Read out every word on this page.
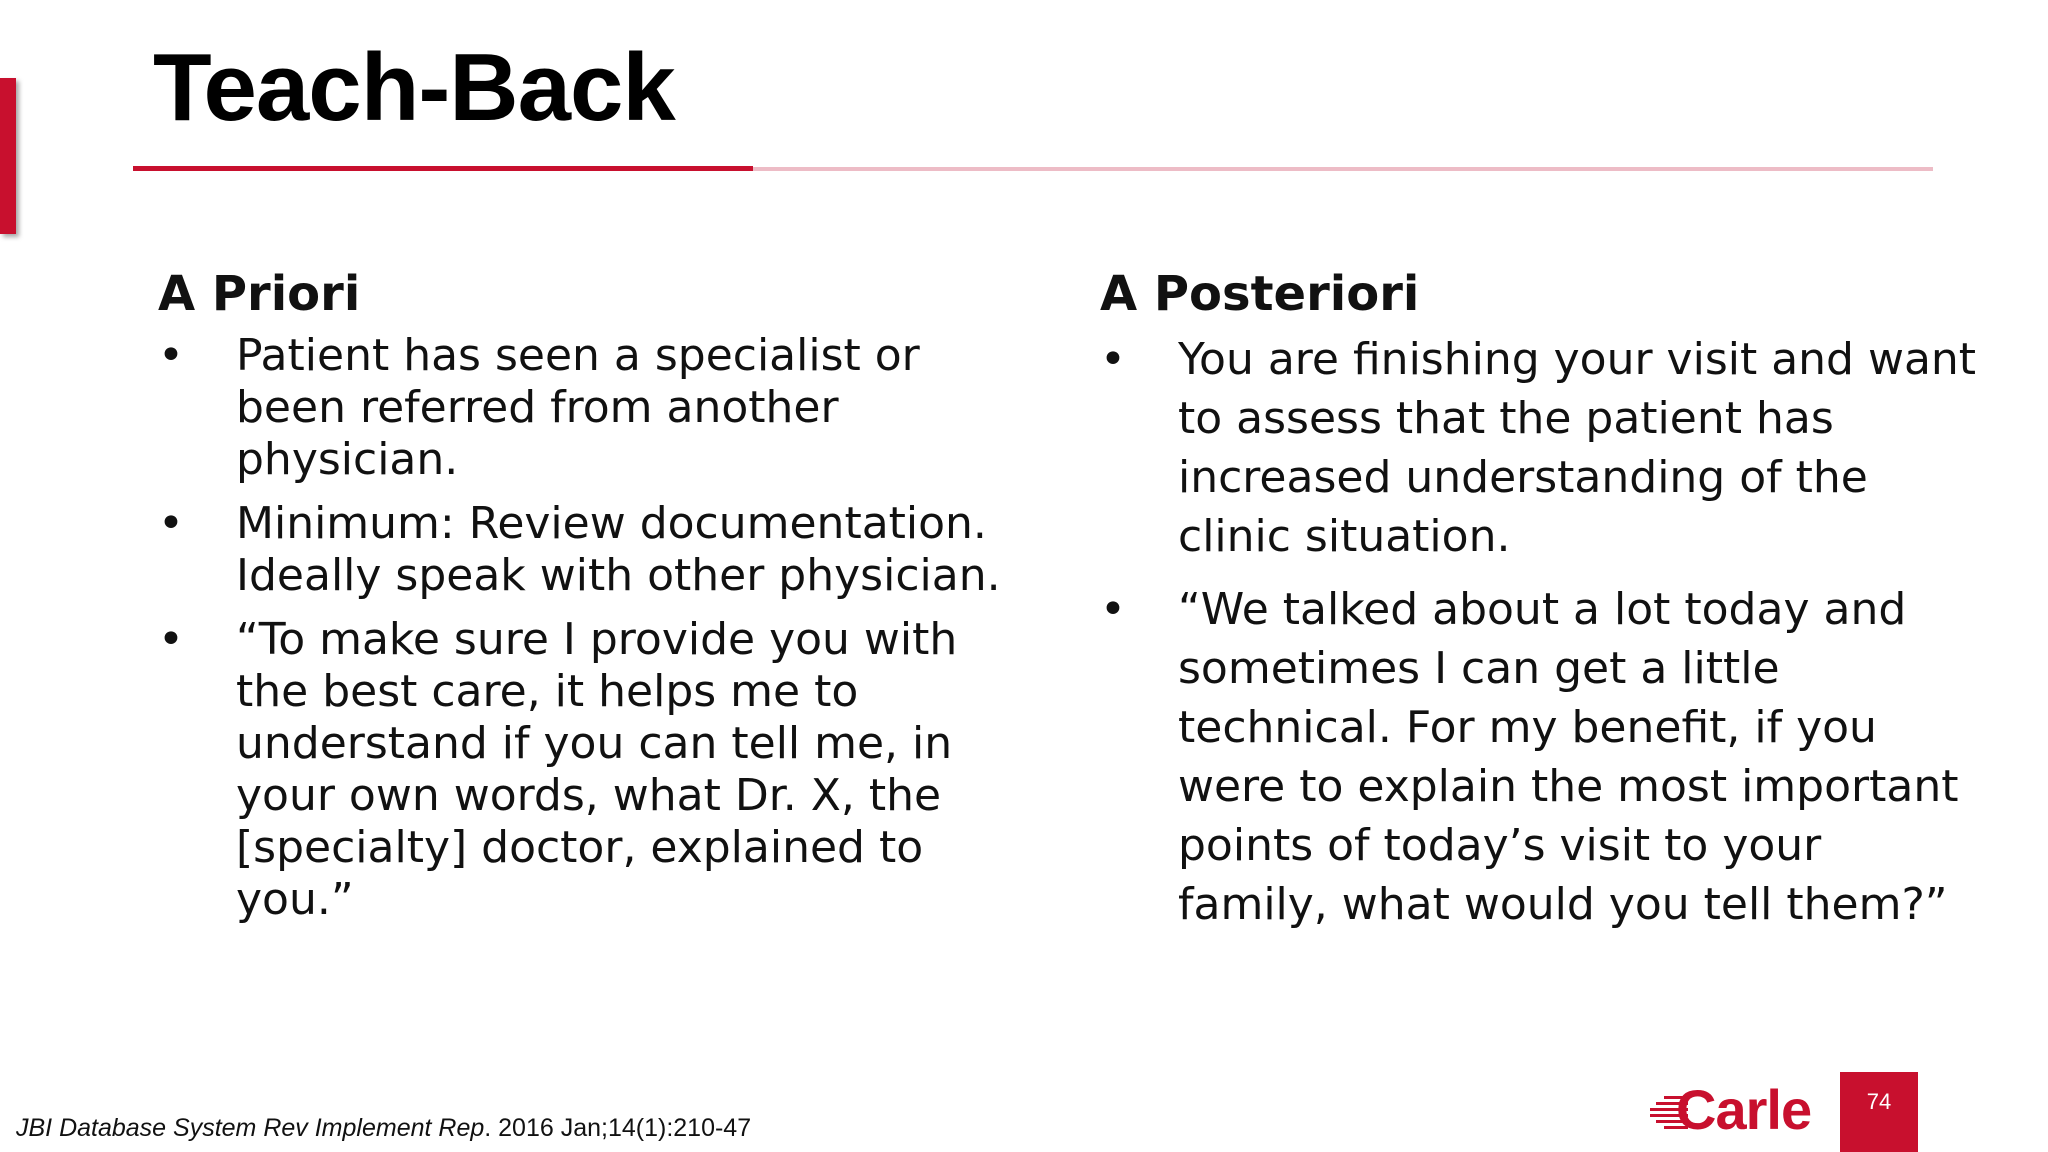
Teach-Back
A Priori
• Patient has seen a specialist or been referred from another physician.
• Minimum: Review documentation. Ideally speak with other physician.
• “To make sure I provide you with the best care, it helps me to understand if you can tell me, in your own words, what Dr. X, the [specialty] doctor, explained to you.”
A Posteriori
• You are finishing your visit and want to assess that the patient has increased understanding of the clinic situation.
• “We talked about a lot today and sometimes I can get a little technical. For my benefit, if you were to explain the most important points of today’s visit to your family, what would you tell them?”
JBI Database System Rev Implement Rep. 2016 Jan;14(1):210-47	Carle	74
